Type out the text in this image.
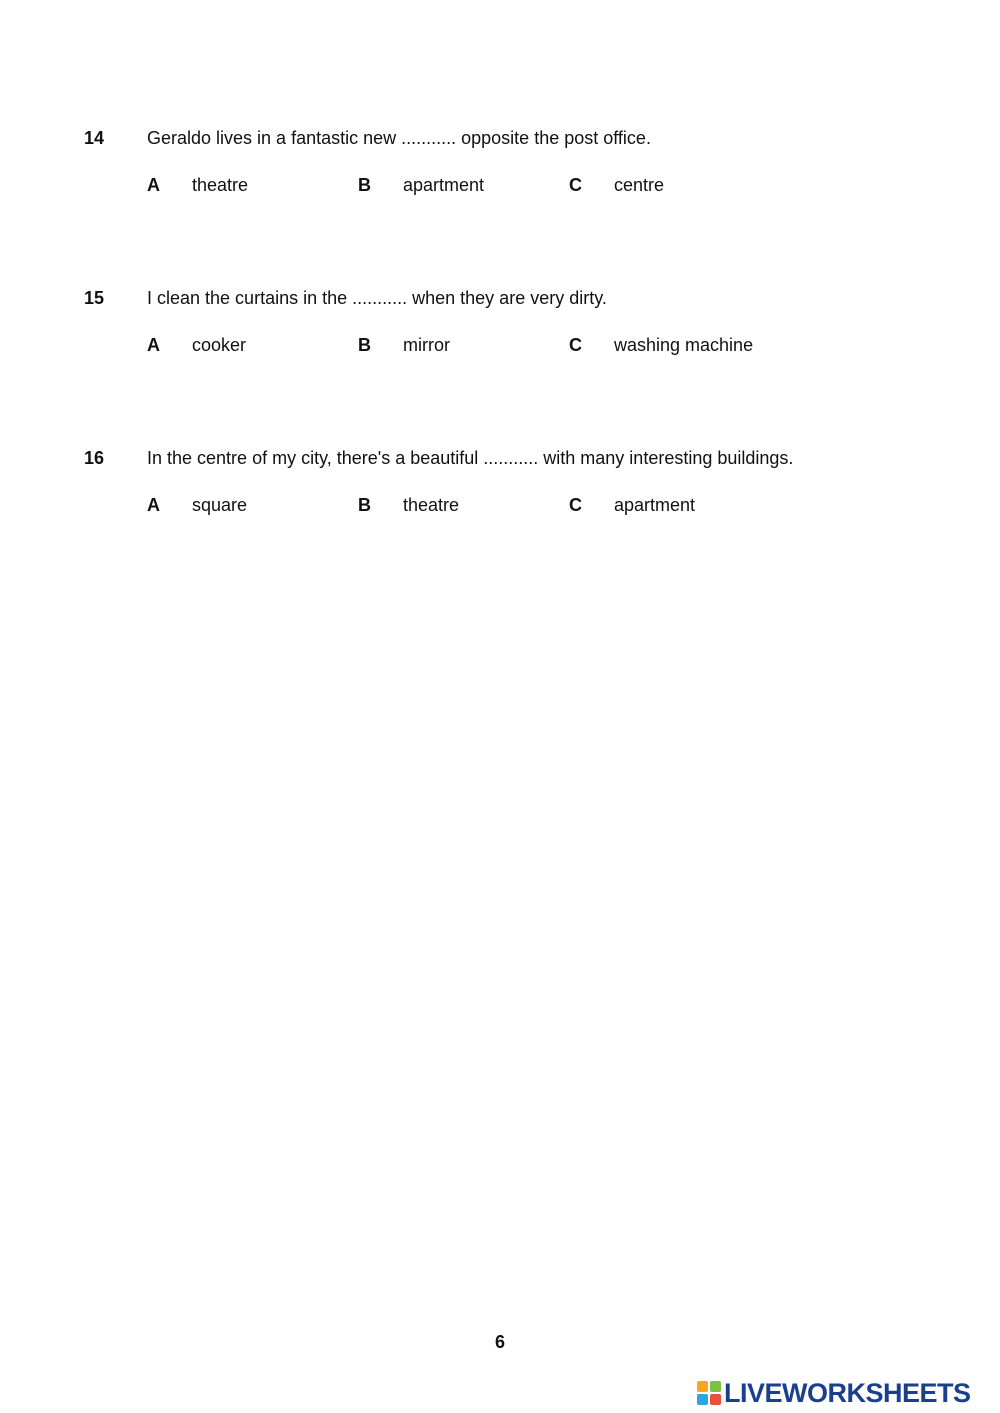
14 Geraldo lives in a fantastic new ........... opposite the post office.
A theatre	B apartment	C centre
15 I clean the curtains in the ........... when they are very dirty.
A cooker	B mirror	C washing machine
16 In the centre of my city, there's a beautiful ........... with many interesting buildings.
A square	B theatre	C apartment
6
LIVEWORKSHEETS
